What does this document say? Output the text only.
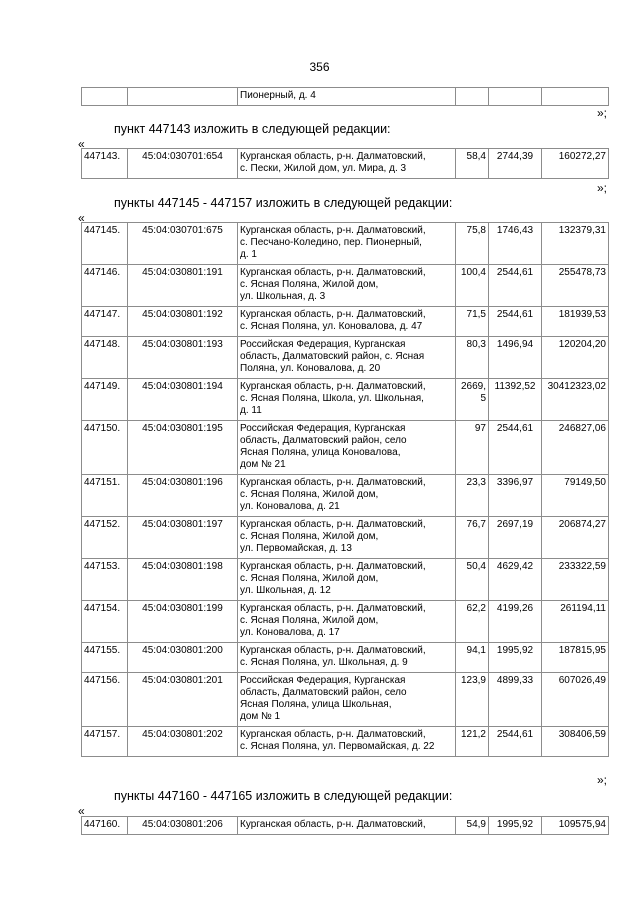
356

Пионерный, д. 4

»;
пункт 447143 изложить в следующей редакции:
«
447143.	45:04:030701:654	Курганская область, р-н. Далматовский,
с. Пески, Жилой дом, ул. Мира, д. 3
	58,4	2744,39	160272,27
»;
пункты 447145 - 447157 изложить в следующей редакции:
«
447145.	45:04:030701:675	Курганская область, р-н. Далматовский,
с. Песчано-Коледино, пер. Пионерный,
д. 1	75,8	1746,43	132379,31
447146.	45:04:030801:191	Курганская область, р-н. Далматовский,
с. Ясная Поляна, Жилой дом,
ул. Школьная, д. 3	100,4	2544,61	255478,73
447147.	45:04:030801:192	Курганская область, р-н. Далматовский,
с. Ясная Поляна, ул. Коновалова, д. 47	71,5	2544,61	181939,53
447148.	45:04:030801:193	Российская Федерация, Курганская
область, Далматовский район, с. Ясная
Поляна, ул. Коновалова, д. 20	80,3	1496,94	120204,20
447149.	45:04:030801:194	Курганская область, р-н. Далматовский,
с. Ясная Поляна, Школа, ул. Школьная,
д. 11	2669,
5	11392,52	30412323,02
447150.	45:04:030801:195	Российская Федерация, Курганская
область, Далматовский район, село
Ясная Поляна, улица Коновалова,
дом № 21	97	2544,61	246827,06
447151.	45:04:030801:196	Курганская область, р-н. Далматовский,
с. Ясная Поляна, Жилой дом,
ул. Коновалова, д. 21	23,3	3396,97	79149,50
447152.	45:04:030801:197	Курганская область, р-н. Далматовский,
с. Ясная Поляна, Жилой дом,
ул. Первомайская, д. 13	76,7	2697,19	206874,27
447153.	45:04:030801:198	Курганская область, р-н. Далматовский,
с. Ясная Поляна, Жилой дом,
ул. Школьная, д. 12	50,4	4629,42	233322,59
447154.	45:04:030801:199	Курганская область, р-н. Далматовский,
с. Ясная Поляна, Жилой дом,
ул. Коновалова, д. 17	62,2	4199,26	261194,11
447155.	45:04:030801:200	Курганская область, р-н. Далматовский,
с. Ясная Поляна, ул. Школьная, д. 9	94,1	1995,92	187815,95
447156.	45:04:030801:201	Российская Федерация, Курганская
область, Далматовский район, село
Ясная Поляна, улица Школьная,
дом № 1	123,9	4899,33	607026,49
447157.	45:04:030801:202	Курганская область, р-н. Далматовский,
с. Ясная Поляна, ул. Первомайская, д. 22	121,2	2544,61	308406,59
»;
пункты 447160 - 447165 изложить в следующей редакции:
«
447160.	45:04:030801:206	Курганская область, р-н. Далматовский,	54,9	1995,92	109575,94
